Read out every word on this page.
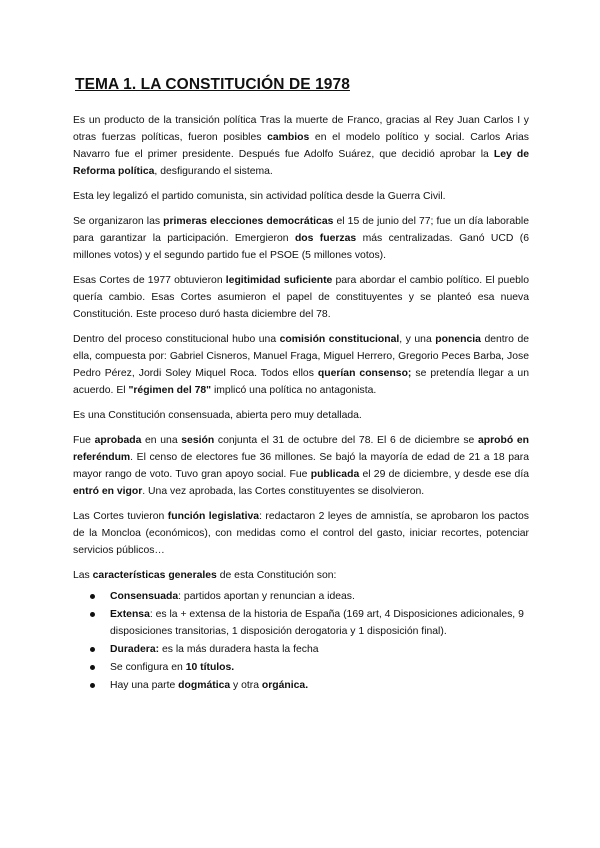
TEMA 1. LA CONSTITUCIÓN DE 1978

Es un producto de la transición política Tras la muerte de Franco, gracias al Rey Juan Carlos I y otras fuerzas políticas, fueron posibles cambios en el modelo político y social. Carlos Arias Navarro fue el primer presidente. Después fue Adolfo Suárez, que decidió aprobar la Ley de Reforma política, desfigurando el sistema.

Esta ley legalizó el partido comunista, sin actividad política desde la Guerra Civil.

Se organizaron las primeras elecciones democráticas el 15 de junio del 77; fue un día laborable para garantizar la participación. Emergieron dos fuerzas más centralizadas. Ganó UCD (6 millones votos) y el segundo partido fue el PSOE (5 millones votos).

Esas Cortes de 1977 obtuvieron legitimidad suficiente para abordar el cambio político. El pueblo quería cambio. Esas Cortes asumieron el papel de constituyentes y se planteó esa nueva Constitución. Este proceso duró hasta diciembre del 78.

Dentro del proceso constitucional hubo una comisión constitucional, y una ponencia dentro de ella, compuesta por: Gabriel Cisneros, Manuel Fraga, Miguel Herrero, Gregorio Peces Barba, Jose Pedro Pérez, Jordi Soley Miquel Roca. Todos ellos querían consenso; se pretendía llegar a un acuerdo. El "régimen del 78" implicó una política no antagonista.

Es una Constitución consensuada, abierta pero muy detallada.

Fue aprobada en una sesión conjunta el 31 de octubre del 78. El 6 de diciembre se aprobó en referéndum. El censo de electores fue 36 millones. Se bajó la mayoría de edad de 21 a 18 para mayor rango de voto. Tuvo gran apoyo social. Fue publicada el 29 de diciembre, y desde ese día entró en vigor. Una vez aprobada, las Cortes constituyentes se disolvieron.

Las Cortes tuvieron función legislativa: redactaron 2 leyes de amnistía, se aprobaron los pactos de la Moncloa (económicos), con medidas como el control del gasto, iniciar recortes, potenciar servicios públicos…

Las características generales de esta Constitución son:

Consensuada: partidos aportan y renuncian a ideas.
Extensa: es la + extensa de la historia de España (169 art, 4 Disposiciones adicionales, 9 disposiciones transitorias, 1 disposición derogatoria y 1 disposición final).
Duradera: es la más duradera hasta la fecha
Se configura en 10 títulos.
Hay una parte dogmática y otra orgánica.
